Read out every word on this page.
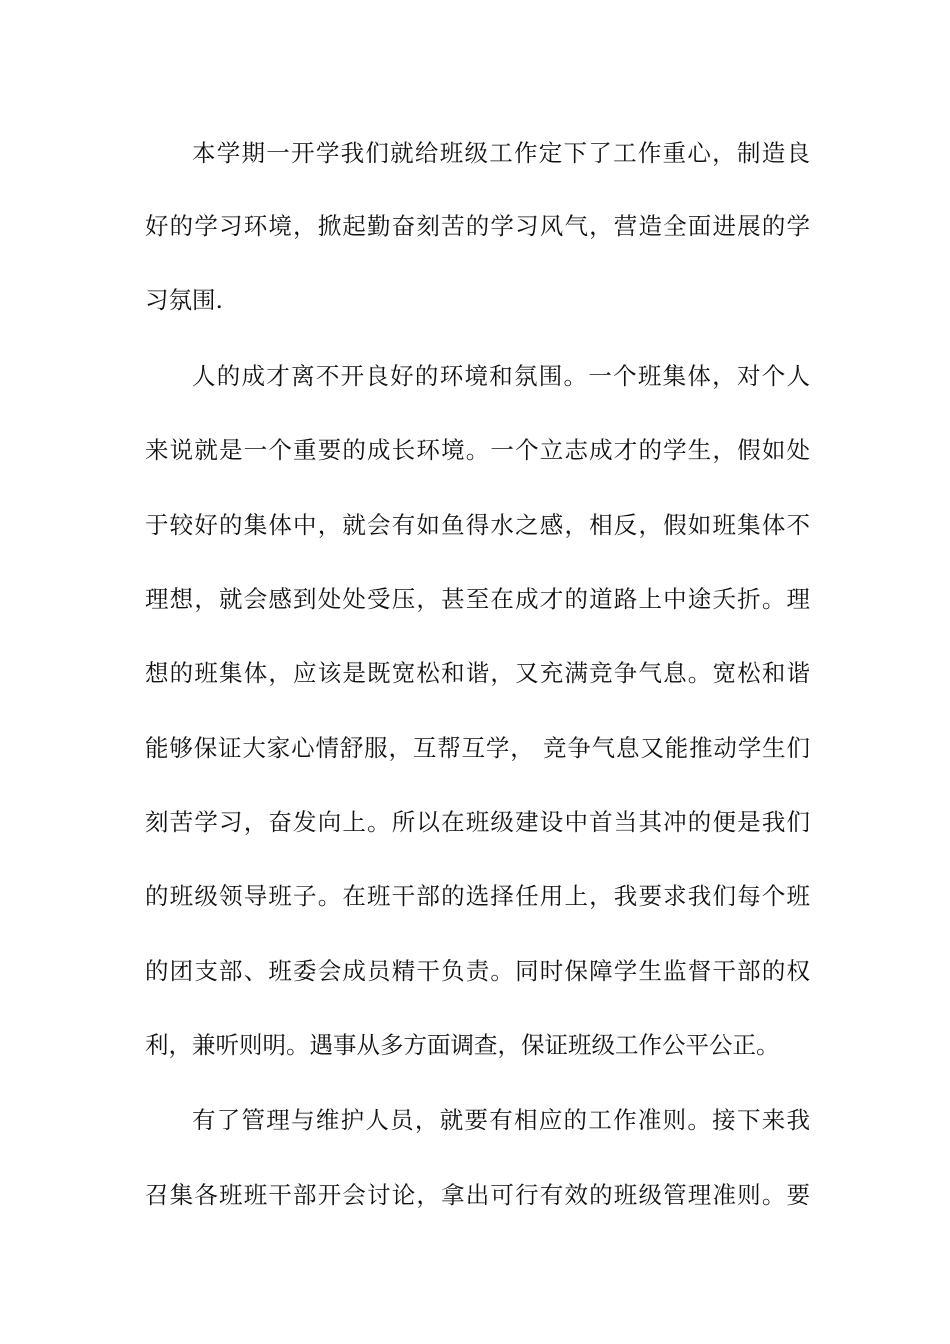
本学期一开学我们就给班级工作定下了工作重心，制造良
好的学习环境，掀起勤奋刻苦的学习风气，营造全面进展的学
习氛围.
人的成才离不开良好的环境和氛围。一个班集体，对个人
来说就是一个重要的成长环境。一个立志成才的学生，假如处
于较好的集体中，就会有如鱼得水之感，相反，假如班集体不
理想，就会感到处处受压，甚至在成才的道路上中途夭折。理
想的班集体，应该是既宽松和谐，又充满竞争气息。宽松和谐
能够保证大家心情舒服，互帮互学， 竞争气息又能推动学生们
刻苦学习，奋发向上。所以在班级建设中首当其冲的便是我们
的班级领导班子。在班干部的选择任用上，我要求我们每个班
的团支部、班委会成员精干负责。同时保障学生监督干部的权
利，兼听则明。遇事从多方面调查，保证班级工作公平公正。
有了管理与维护人员，就要有相应的工作准则。接下来我
召集各班班干部开会讨论，拿出可行有效的班级管理准则。要
